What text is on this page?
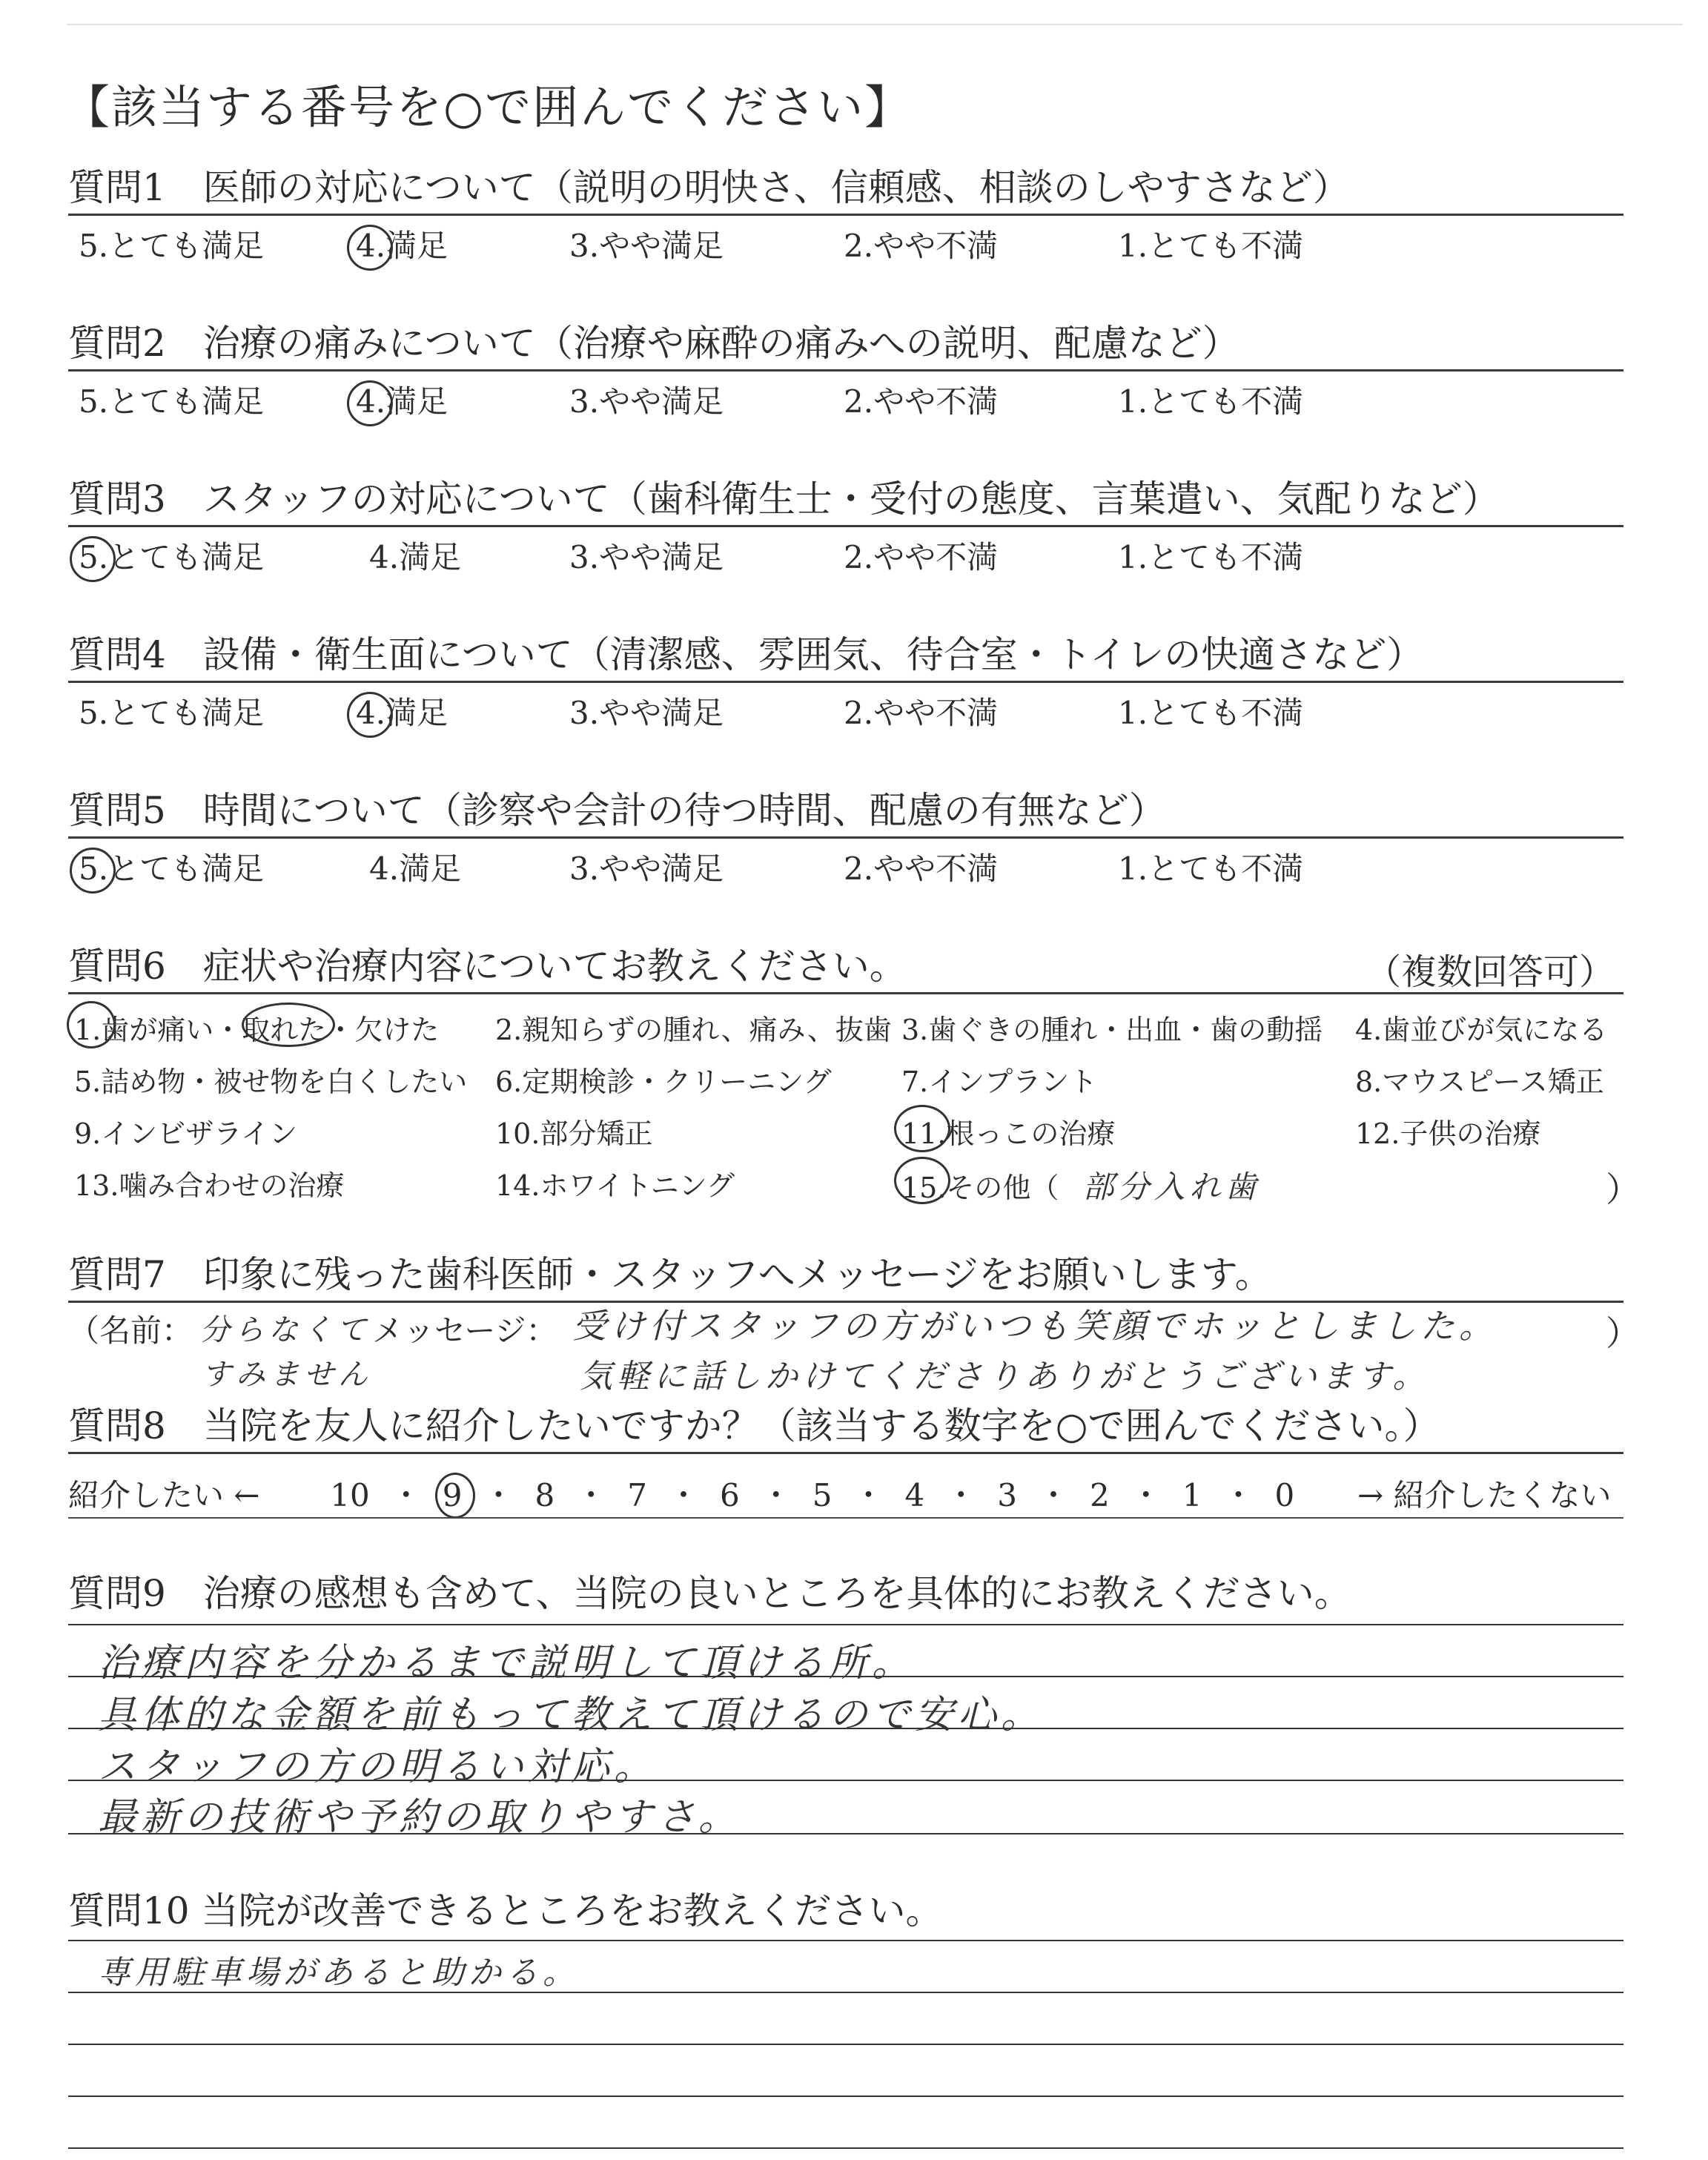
【該当する番号を○で囲んでください】
質問1　医師の対応について（説明の明快さ、信頼感、相談のしやすさなど）
5.とても満足	4.満足	3.やや満足	2.やや不満	1.とても不満
質問2　治療の痛みについて（治療や麻酔の痛みへの説明、配慮など）
5.とても満足	4.満足	3.やや満足	2.やや不満	1.とても不満
質問3　スタッフの対応について（歯科衛生士・受付の態度、言葉遣い、気配りなど）
5.とても満足	4.満足	3.やや満足	2.やや不満	1.とても不満
質問4　設備・衛生面について（清潔感、雰囲気、待合室・トイレの快適さなど）
5.とても満足	4.満足	3.やや満足	2.やや不満	1.とても不満
質問5　時間について（診察や会計の待つ時間、配慮の有無など）
5.とても満足	4.満足	3.やや満足	2.やや不満	1.とても不満
質問6　症状や治療内容についてお教えください。	（複数回答可）
1.歯が痛い・取れた・欠けた 2.親知らずの腫れ、痛み、抜歯 3.歯ぐきの腫れ・出血・歯の動揺 4.歯並びが気になる
5.詰め物・被せ物を白くしたい 6.定期検診・クリーニング 7.インプラント	8.マウスピース矯正
9.インビザライン	10.部分矯正	11.根っこの治療	12.子供の治療
13.噛み合わせの治療	14.ホワイトニング	15.その他（ 部分入れ歯	）
質問7　印象に残った歯科医師・スタッフへメッセージをお願いします。
（名前： 分らなくて
すみません
メッセージ： 受け付スタッフの方がいつも笑顔でホッとしました。
気軽に話しかけてくださりありがとうございます。
）
質問8　当院を友人に紹介したいですか？（該当する数字を○で囲んでください。）
紹介したい ← 10 ・ 9 ・ 8 ・ 7 ・ 6 ・ 5 ・ 4 ・ 3 ・ 2 ・ 1 ・ 0 → 紹介したくない
質問9　治療の感想も含めて、当院の良いところを具体的にお教えください。
治療内容を分かるまで説明して頂ける所。
具体的な金額を前もって教えて頂けるので安心。
スタッフの方の明るい対応。
最新の技術や予約の取りやすさ。
質問10 当院が改善できるところをお教えください。
専用駐車場があると助かる。
